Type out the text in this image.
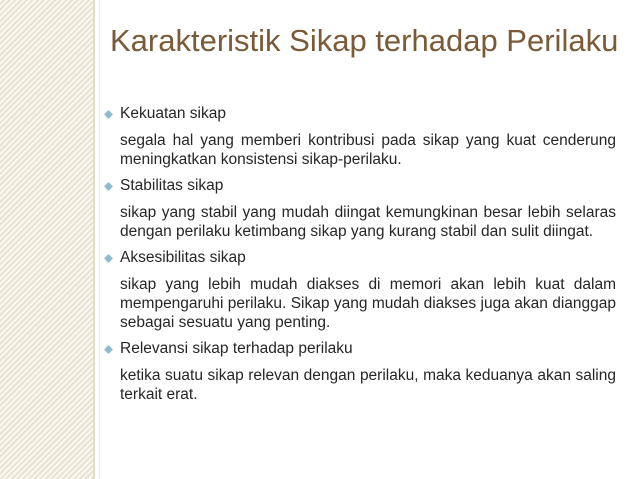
Karakteristik Sikap terhadap Perilaku

Kekuatan sikap

segala hal yang memberi kontribusi pada sikap yang kuat cenderung meningkatkan konsistensi sikap-perilaku.

Stabilitas sikap

sikap yang stabil yang mudah diingat kemungkinan besar lebih selaras dengan perilaku ketimbang sikap yang kurang stabil dan sulit diingat.

Aksesibilitas sikap

sikap yang lebih mudah diakses di memori akan lebih kuat dalam mempengaruhi perilaku. Sikap yang mudah diakses juga akan dianggap sebagai sesuatu yang penting.

Relevansi sikap terhadap perilaku

ketika suatu sikap relevan dengan perilaku, maka keduanya akan saling terkait erat.
